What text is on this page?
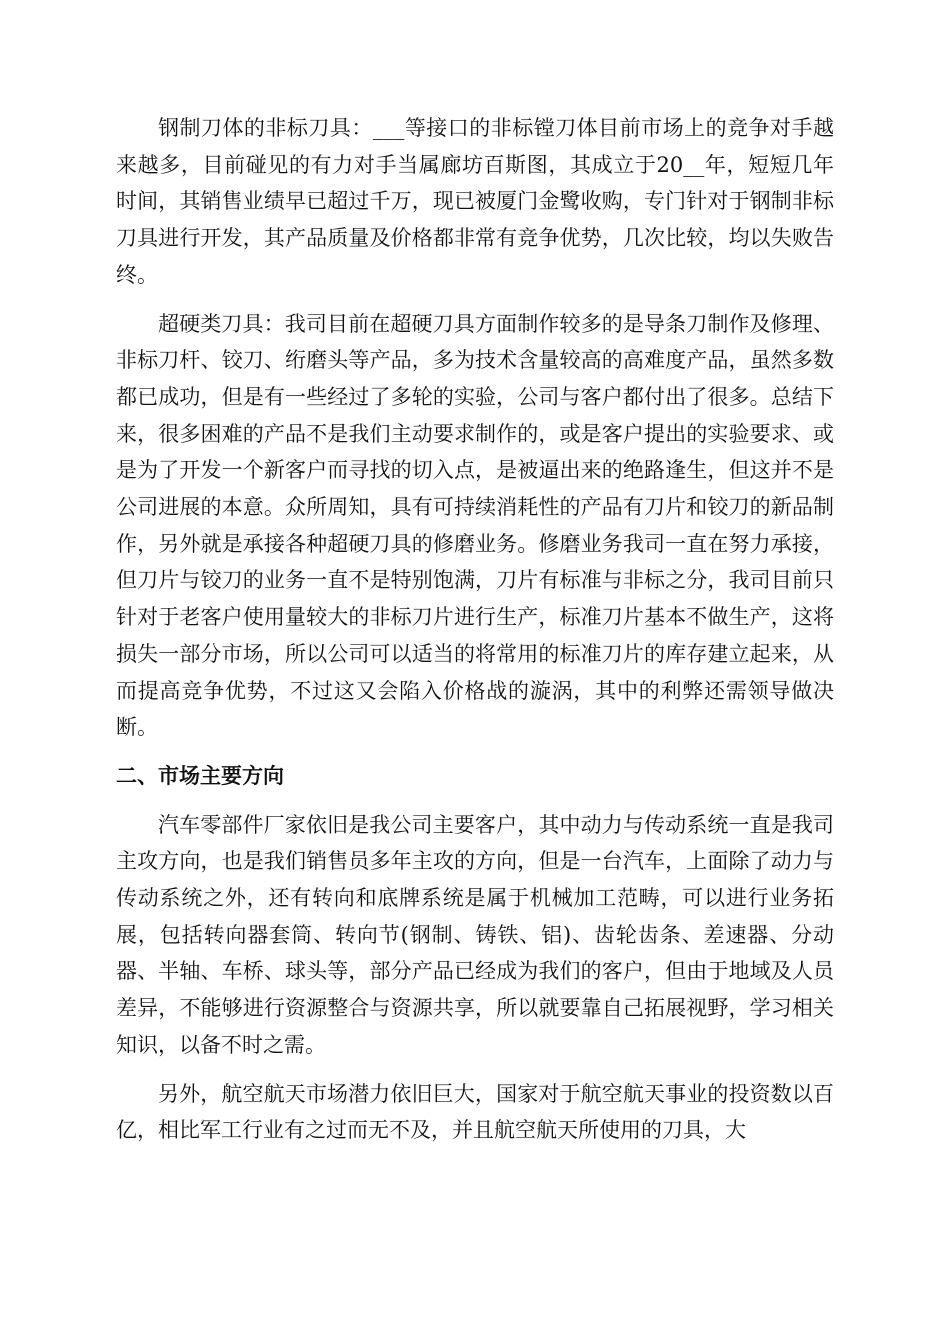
钢制刀体的非标刀具：___等接口的非标镗刀体目前市场上的竞争对手越来越多，目前碰见的有力对手当属廊坊百斯图，其成立于20__年，短短几年时间，其销售业绩早已超过千万，现已被厦门金鹭收购，专门针对于钢制非标刀具进行开发，其产品质量及价格都非常有竞争优势，几次比较，均以失败告终。

超硬类刀具：我司目前在超硬刀具方面制作较多的是导条刀制作及修理、非标刀杆、铰刀、绗磨头等产品，多为技术含量较高的高难度产品，虽然多数都已成功，但是有一些经过了多轮的实验，公司与客户都付出了很多。总结下来，很多困难的产品不是我们主动要求制作的，或是客户提出的实验要求、或是为了开发一个新客户而寻找的切入点，是被逼出来的绝路逢生，但这并不是公司进展的本意。众所周知，具有可持续消耗性的产品有刀片和铰刀的新品制作，另外就是承接各种超硬刀具的修磨业务。修磨业务我司一直在努力承接，但刀片与铰刀的业务一直不是特别饱满，刀片有标准与非标之分，我司目前只针对于老客户使用量较大的非标刀片进行生产，标准刀片基本不做生产，这将损失一部分市场，所以公司可以适当的将常用的标准刀片的库存建立起来，从而提高竞争优势，不过这又会陷入价格战的漩涡，其中的利弊还需领导做决断。

二、市场主要方向

汽车零部件厂家依旧是我公司主要客户，其中动力与传动系统一直是我司主攻方向，也是我们销售员多年主攻的方向，但是一台汽车，上面除了动力与传动系统之外，还有转向和底牌系统是属于机械加工范畴，可以进行业务拓展，包括转向器套筒、转向节(钢制、铸铁、铝)、齿轮齿条、差速器、分动器、半轴、车桥、球头等，部分产品已经成为我们的客户，但由于地域及人员差异，不能够进行资源整合与资源共享，所以就要靠自己拓展视野，学习相关知识，以备不时之需。

另外，航空航天市场潜力依旧巨大，国家对于航空航天事业的投资数以百亿，相比军工行业有之过而无不及，并且航空航天所使用的刀具，大
